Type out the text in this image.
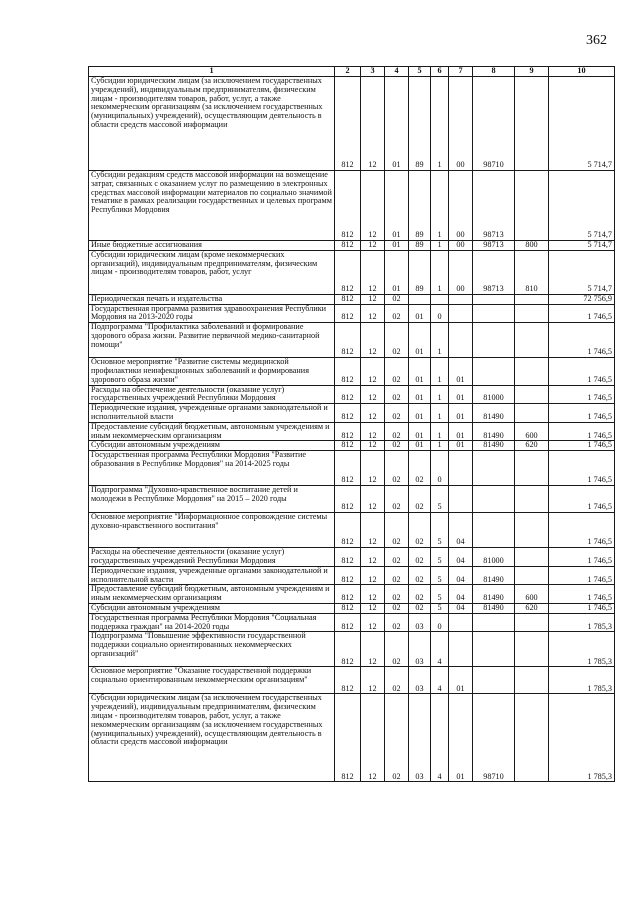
362
1	2	3	4	5	6	7	8	9	10
Субсидии юридическим лицам (за исключением государственных учреждений), индивидуальным предпринимателям, физическим лицам - производителям товаров, работ, услуг, а также некоммерческим организациям (за исключением государственных (муниципальных) учреждений), осуществляющим деятельность в области средств массовой информации	812	12	01	89	1	00	98710		5 714,7
Субсидии редакциям средств массовой информации на возмещение затрат, связанных с оказанием услуг по размещению в электронных средствах массовой информации материалов по социально значимой тематике в рамках реализации государственных и целевых программ Республики Мордовия	812	12	01	89	1	00	98713		5 714,7
Иные бюджетные ассигнования	812	12	01	89	1	00	98713	800	5 714,7
Субсидии юридическим лицам (кроме некоммерческих организаций), индивидуальным предпринимателям, физическим лицам - производителям товаров, работ, услуг	812	12	01	89	1	00	98713	810	5 714,7
Периодическая печать и издательства	812	12	02						72 756,9
Государственная программа развития здравоохранения Республики Мордовия на 2013-2020 годы	812	12	02	01	0				1 746,5
Подпрограмма "Профилактика заболеваний и формирование здорового образа жизни. Развитие первичной медико-санитарной помощи"	812	12	02	01	1				1 746,5
Основное мероприятие "Развитие системы медицинской профилактики неинфекционных заболеваний и формирования здорового образа жизни"	812	12	02	01	1	01			1 746,5
Расходы на обеспечение деятельности (оказание услуг) государственных учреждений Республики Мордовия	812	12	02	01	1	01	81000		1 746,5
Периодические издания, учрежденные органами законодательной и исполнительной власти	812	12	02	01	1	01	81490		1 746,5
Предоставление субсидий бюджетным, автономным учреждениям и иным некоммерческим организациям	812	12	02	01	1	01	81490	600	1 746,5
Субсидии автономным учреждениям	812	12	02	01	1	01	81490	620	1 746,5
Государственная программа Республики Мордовия "Развитие образования в Республике Мордовия" на 2014-2025 годы	812	12	02	02	0				1 746,5
Подпрограмма "Духовно-нравственное воспитание детей и молодежи в Республике Мордовия" на 2015 – 2020 годы	812	12	02	02	5				1 746,5
Основное мероприятие "Информационное сопровождение системы духовно-нравственного воспитания"	812	12	02	02	5	04			1 746,5
Расходы на обеспечение деятельности (оказание услуг) государственных учреждений Республики Мордовия	812	12	02	02	5	04	81000		1 746,5
Периодические издания, учрежденные органами законодательной и исполнительной власти	812	12	02	02	5	04	81490		1 746,5
Предоставление субсидий бюджетным, автономным учреждениям и иным некоммерческим организациям	812	12	02	02	5	04	81490	600	1 746,5
Субсидии автономным учреждениям	812	12	02	02	5	04	81490	620	1 746,5
Государственная программа Республики Мордовия "Социальная поддержка граждан" на 2014-2020 годы	812	12	02	03	0				1 785,3
Подпрограмма "Повышение эффективности государственной поддержки социально ориентированных некоммерческих организаций"	812	12	02	03	4				1 785,3
Основное мероприятие "Оказание государственной поддержки социально ориентированным некоммерческим организациям"	812	12	02	03	4	01			1 785,3
Субсидии юридическим лицам (за исключением государственных учреждений), индивидуальным предпринимателям, физическим лицам - производителям товаров, работ, услуг, а также некоммерческим организациям (за исключением государственных (муниципальных) учреждений), осуществляющим деятельность в области средств массовой информации	812	12	02	03	4	01	98710		1 785,3
